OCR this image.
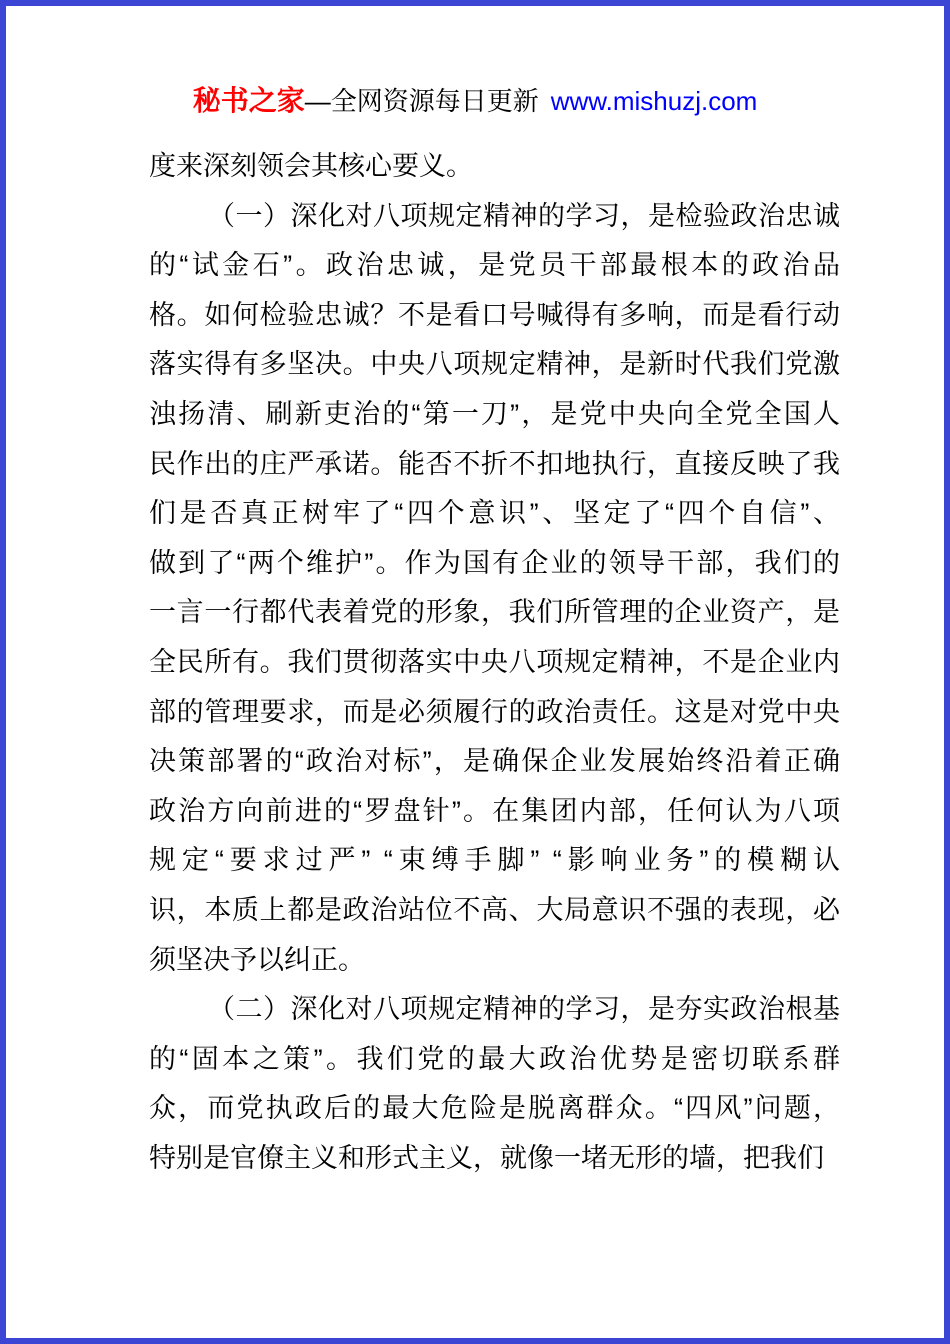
秘书之家—全网资源每日更新 www.mishuzj.com
度来深刻领会其核心要义。
（一）深化对八项规定精神的学习，是检验政治忠诚
的“试金石”。政治忠诚，是党员干部最根本的政治品
格。如何检验忠诚？不是看口号喊得有多响，而是看行动
落实得有多坚决。中央八项规定精神，是新时代我们党激
浊扬清、刷新吏治的“第一刀”，是党中央向全党全国人
民作出的庄严承诺。能否不折不扣地执行，直接反映了我
们是否真正树牢了“四个意识”、坚定了“四个自信”、
做到了“两个维护”。作为国有企业的领导干部，我们的
一言一行都代表着党的形象，我们所管理的企业资产，是
全民所有。我们贯彻落实中央八项规定精神，不是企业内
部的管理要求，而是必须履行的政治责任。这是对党中央
决策部署的“政治对标”，是确保企业发展始终沿着正确
政治方向前进的“罗盘针”。在集团内部，任何认为八项
规定“要求过严” “束缚手脚” “影响业务”的模糊认
识，本质上都是政治站位不高、大局意识不强的表现，必
须坚决予以纠正。
（二）深化对八项规定精神的学习，是夯实政治根基
的“固本之策”。我们党的最大政治优势是密切联系群
众，而党执政后的最大危险是脱离群众。“四风”问题，
特别是官僚主义和形式主义，就像一堵无形的墙，把我们
